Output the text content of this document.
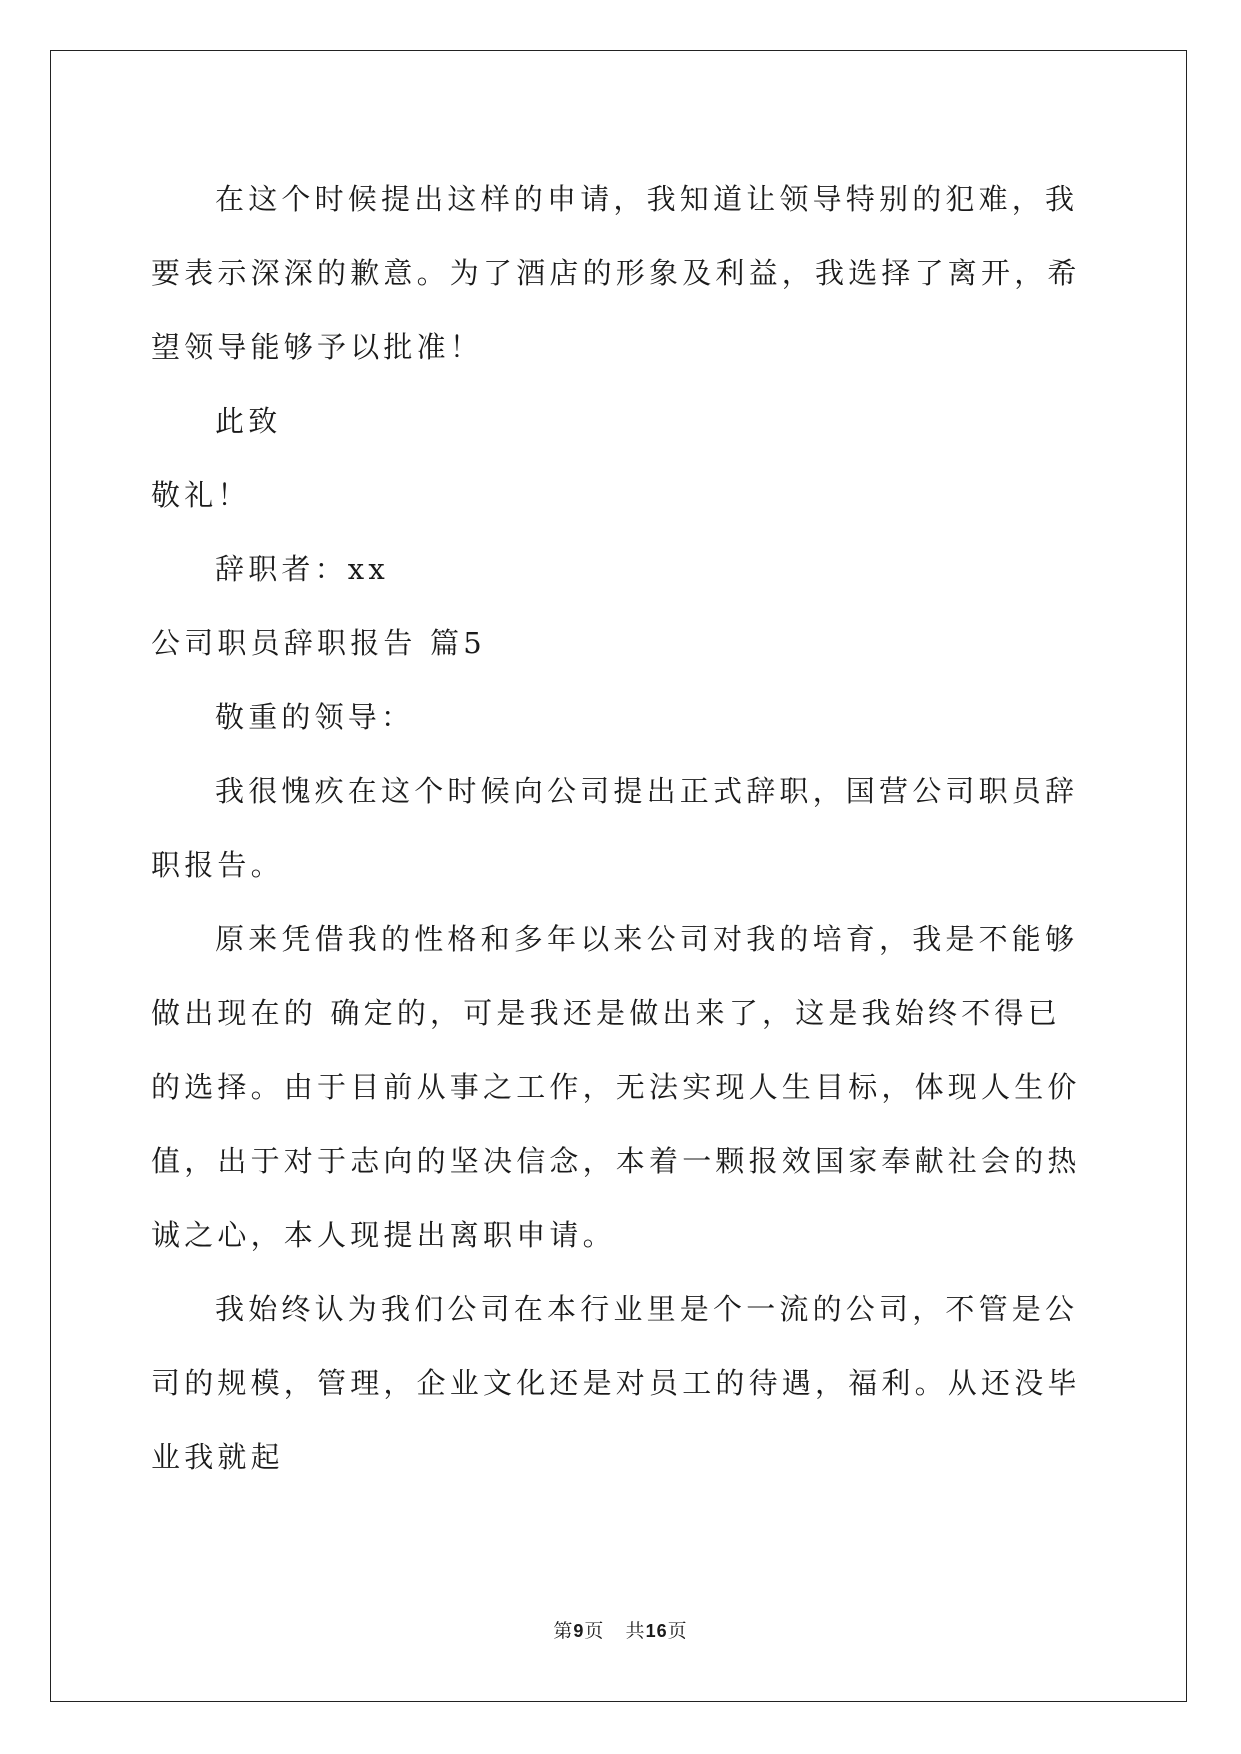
在这个时候提出这样的申请，我知道让领导特别的犯难，我要表示深深的歉意。为了酒店的形象及利益，我选择了离开，希望领导能够予以批准！

此致

敬礼！

辞职者：xx

公司职员辞职报告 篇5

敬重的领导：

我很愧疚在这个时候向公司提出正式辞职，国营公司职员辞职报告。

原来凭借我的性格和多年以来公司对我的培育，我是不能够做出现在的 确定的，可是我还是做出来了，这是我始终不得已的选择。由于目前从事之工作，无法实现人生目标，体现人生价值，出于对于志向的坚决信念，本着一颗报效国家奉献社会的热诚之心，本人现提出离职申请。

我始终认为我们公司在本行业里是个一流的公司，不管是公司的规模，管理，企业文化还是对员工的待遇，福利。从还没毕业我就起

第9页 共16页
